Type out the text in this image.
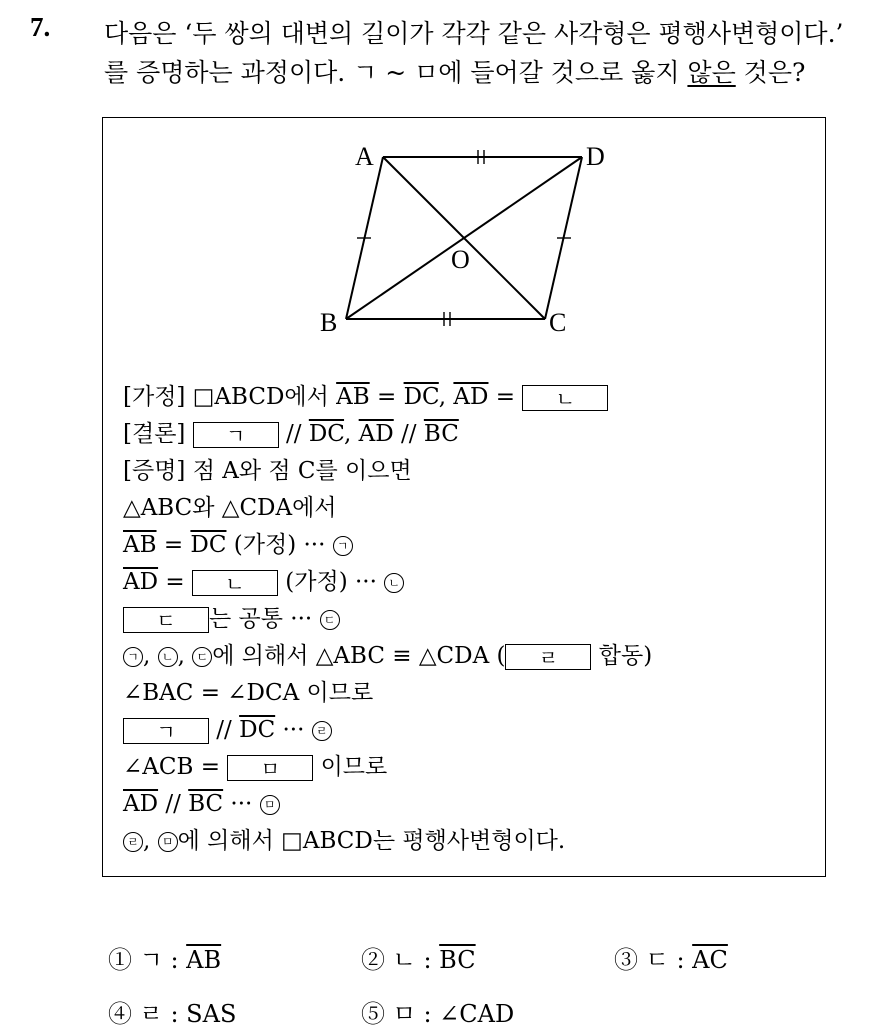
7. 다음은 ‘두 쌍의 대변의 길이가 각각 같은 사각형은 평행사변형이다.’
를 증명하는 과정이다. ㄱ ~ ㅁ에 들어갈 것으로 옳지 않은 것은?
A	D
B	C
O
[가정] □ABCD에서 $\overline{AB} = \overline{DC}$, $\overline{AD}$ = ㄴ
[결론] ㄱ // $\overline{DC}$, $\overline{AD} // \overline{BC}$
[증명] 점 A와 점 C를 이으면
△ABC와 △CDA에서
$\overline{AB} = \overline{DC}$ (가정) ··· ㄱ
$\overline{AD}$ = ㄴ (가정) ··· ㄴ
ㄷ 는 공통 ··· ㄷ
ㄱ , ㄴ , ㄷ 에 의해서 △ABC ≡ △CDA ( ㄹ 합동)
∠BAC = ∠DCA 이므로
ㄱ // $\overline{DC}$ ··· ㄹ
∠ACB = ㅁ 이므로
$\overline{AD} // \overline{BC}$ ··· ㅁ
ㄹ , ㅁ 에 의해서 □ABCD는 평행사변형이다.
① ㄱ : $\overline{AB}$	② ㄴ : $\overline{BC}$	③ ㄷ : $\overline{AC}$
④ ㄹ : SAS	⑤ ㅁ : ∠CAD
